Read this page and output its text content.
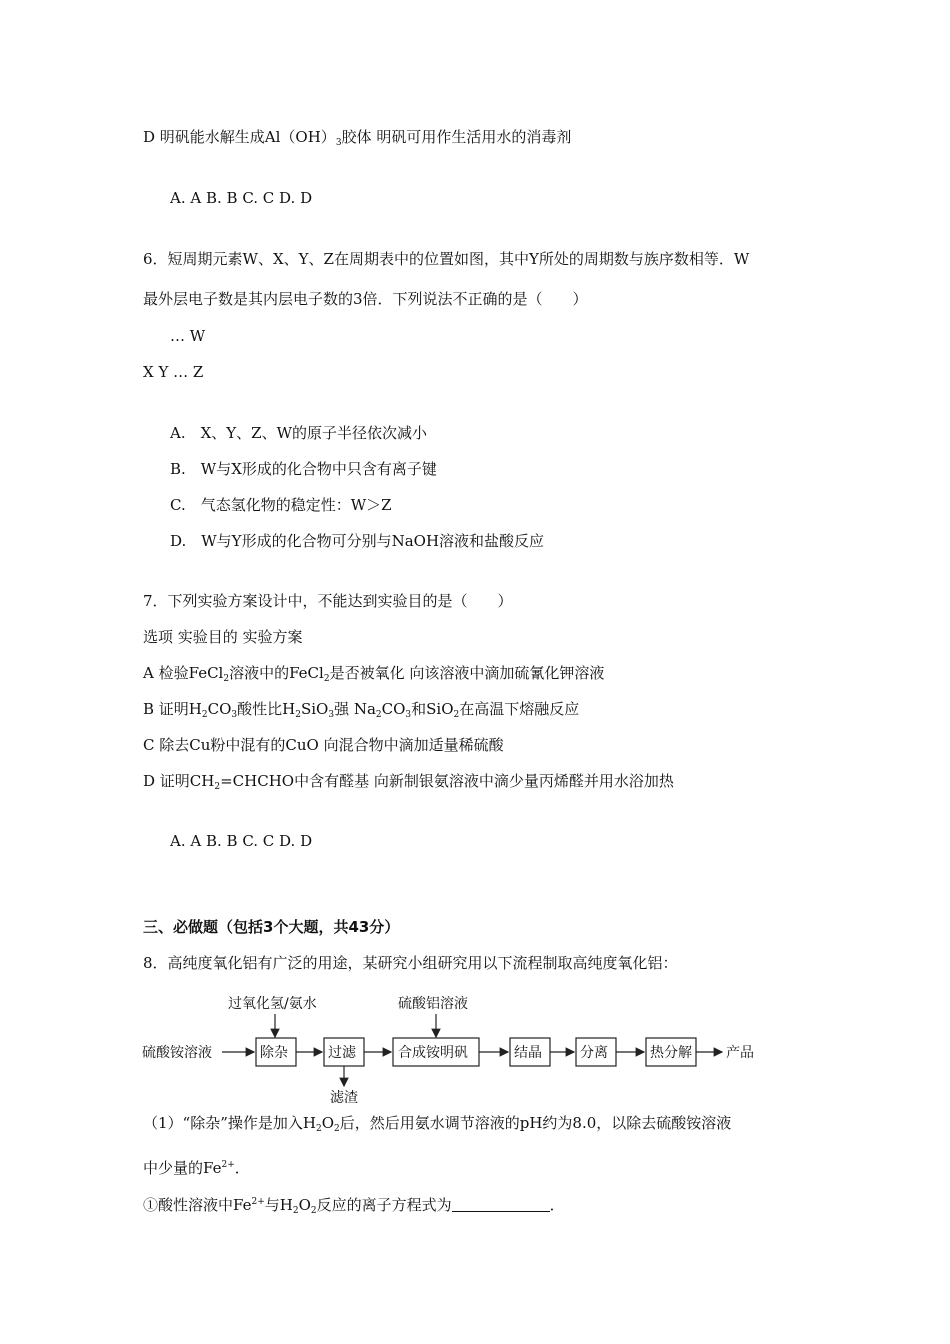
D 明矾能水解生成$Al(OH)_3$胶体 明矾可用作生活用水的消毒剂
A. A B. B C. C D. D
6．短周期元素W、X、Y、Z在周期表中的位置如图，其中Y所处的周期数与族序数相等．W
最外层电子数是其内层电子数的3倍．下列说法不正确的是（　　）
… W
X Y … Z
A.　X、Y、Z、W的原子半径依次减小
B.　W与X形成的化合物中只含有离子键
C.　气态氢化物的稳定性：W＞Z
D.　W与Y形成的化合物可分别与NaOH溶液和盐酸反应
7．下列实验方案设计中，不能达到实验目的是（　　）
选项 实验目的 实验方案
A 检验FeCl$_2$溶液中的FeCl$_2$是否被氧化 向该溶液中滴加硫氰化钾溶液
B 证明$H_2CO_3$酸性比$H_2SiO_3$强 $Na_2CO_3$和SiO$_2$在高温下熔融反应
C 除去Cu粉中混有的CuO 向混合物中滴加适量稀硫酸
D 证明$CH_2=CHCHO$中含有醛基 向新制银氨溶液中滴少量丙烯醛并用水浴加热
A. A B. B C. C D. D
三、必做题（包括3个大题，共43分）
8．高纯度氧化铝有广泛的用途，某研究小组研究用以下流程制取高纯度氧化铝：
硫酸铵溶液
过氧化氢/氨水
除杂	过滤
滤渣
硫酸铝溶液
合成铵明矾	结晶	分离	热分解 产品
（1）“除杂”操作是加入$H_2O_2$后，然后用氨水调节溶液的pH约为8.0，以除去硫酸铵溶液
中少量的$Fe^{2+}$．
①酸性溶液中$Fe^{2+}$与$H_2O_2$反应的离子方程式为	．
